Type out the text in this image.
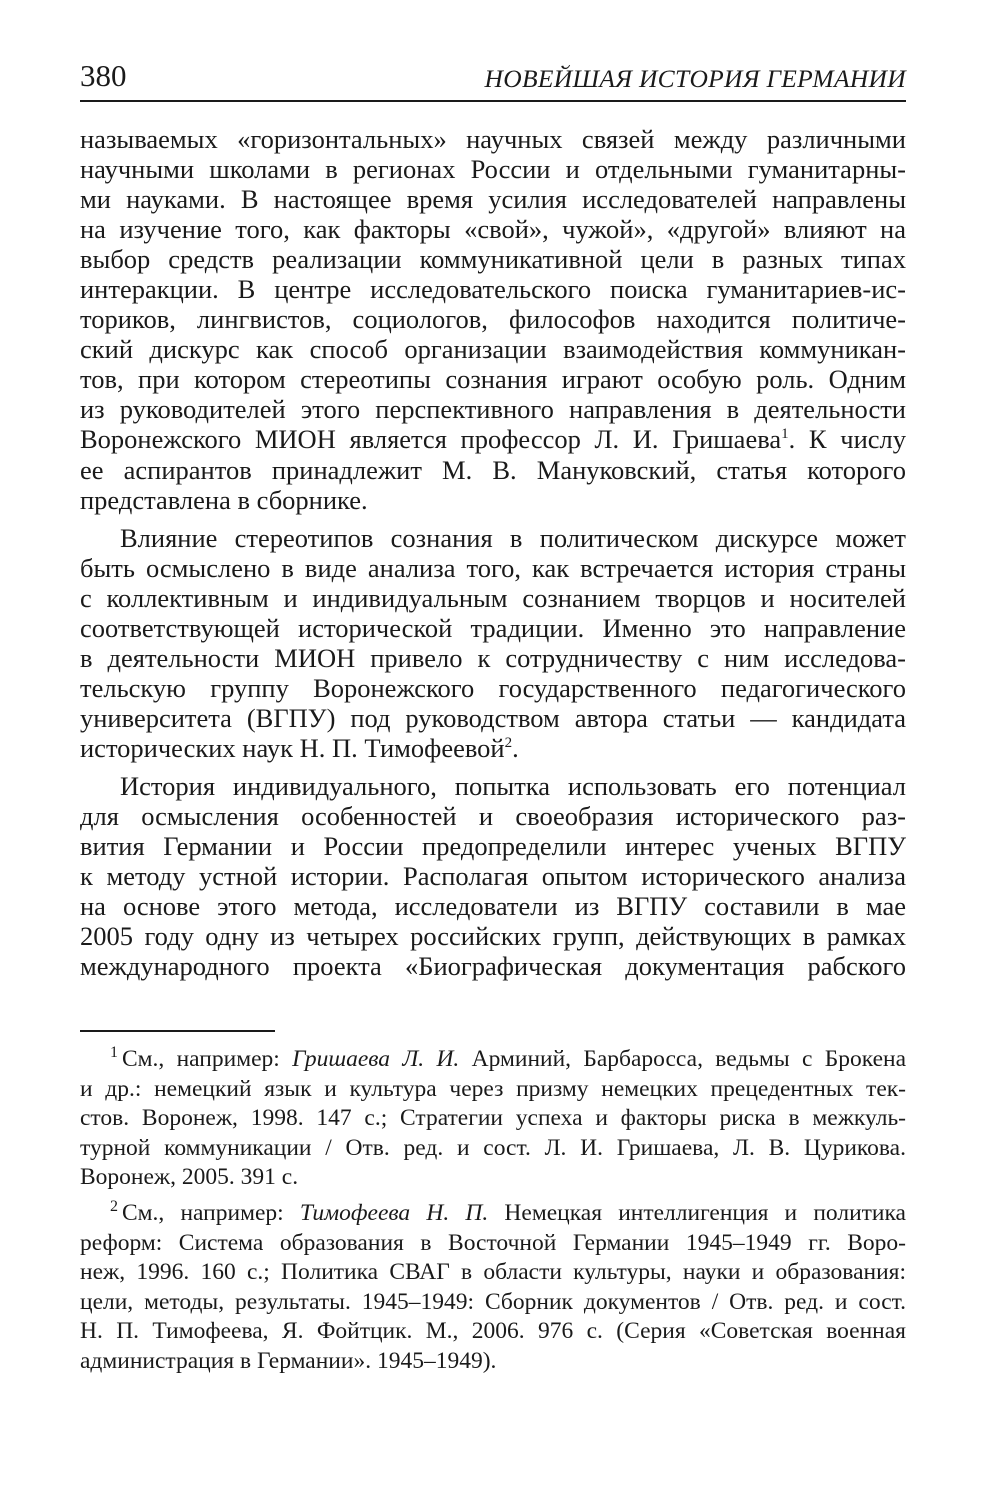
380	НОВЕЙШАЯ ИСТОРИЯ ГЕРМАНИИ
называемых «горизонтальных» научных связей между различными
научными школами в регионах России и отдельными гуманитарны-
ми науками. В настоящее время усилия исследователей направлены
на изучение того, как факторы «свой», чужой», «другой» влияют на
выбор средств реализации коммуникативной цели в разных типах
интеракции. В центре исследовательского поиска гуманитариев-ис-
ториков, лингвистов, социологов, философов находится политиче-
ский дискурс как способ организации взаимодействия коммуникан-
тов, при котором стереотипы сознания играют особую роль. Одним
из руководителей этого перспективного направления в деятельности
Воронежского МИОН является профессор Л. И. Гришаева$^1$. К числу
ее аспирантов принадлежит М. В. Мануковский, статья которого
представлена в сборнике.
Влияние стереотипов сознания в политическом дискурсе может
быть осмыслено в виде анализа того, как встречается история страны
с коллективным и индивидуальным сознанием творцов и носителей
соответствующей исторической традиции. Именно это направление
в деятельности МИОН привело к сотрудничеству с ним исследова-
тельскую группу Воронежского государственного педагогического
университета (ВГПУ) под руководством автора статьи — кандидата
исторических наук Н. П. Тимофеевой$^2$.
История индивидуального, попытка использовать его потенциал
для осмысления особенностей и своеобразия исторического раз-
вития Германии и России предопределили интерес ученых ВГПУ
к методу устной истории. Располагая опытом исторического анализа
на основе этого метода, исследователи из ВГПУ составили в мае
2005 году одну из четырех российских групп, действующих в рамках
международного проекта «Биографическая документация рабского
$^1$ См., например: Гришаева Л. И. Арминий, Барбаросса, ведьмы с Брокена
и др.: немецкий язык и культура через призму немецких прецедентных тек-
стов. Воронеж, 1998. 147 с.; Стратегии успеха и факторы риска в межкуль-
турной коммуникации / Отв. ред. и сост. Л. И. Гришаева, Л. В. Цурикова.
Воронеж, 2005. 391 с.
$^2$ См., например: Тимофеева Н. П. Немецкая интеллигенция и политика
реформ: Система образования в Восточной Германии 1945–1949 гг. Воро-
неж, 1996. 160 с.; Политика СВАГ в области культуры, науки и образования:
цели, методы, результаты. 1945–1949: Сборник документов / Отв. ред. и сост.
Н. П. Тимофеева, Я. Фойтцик. М., 2006. 976 с. (Серия «Советская военная
администрация в Германии». 1945–1949).
